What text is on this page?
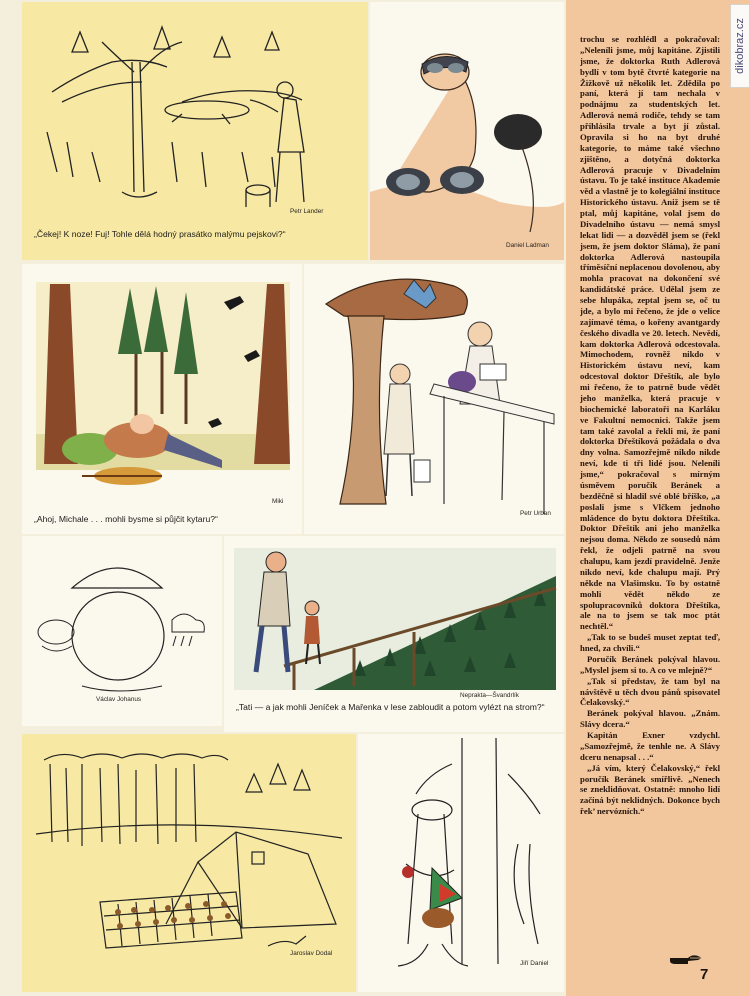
Petr Lander
„Čekej! K noze! Fuj! Tohle dělá hodný prasátko malýmu pejskovi?“
Daniel Ladman
Miki
„Ahoj, Michale . . . mohli bysme si půjčit kytaru?“
Petr Urban
Václav Johanus
Neprakta—Švandrlík
„Tati — a jak mohli Jeníček a Mařenka v lese zabloudit a potom vylézt na strom?“
Jaroslav Dodal
Jiří Daniel

trochu se rozhlédl a pokračoval: „Neleníli jsme, můj kapitáne. Zjistili jsme, že doktorka Ruth Adlerová bydlí v tom bytě čtvrté kategorie na Žižkově už několik let. Zdědila po paní, která jí tam nechala v podnájmu za studentských let. Adlerová nemá rodiče, tehdy se tam přihlásila trvale a byt jí zůstal. Opravila si ho na byt druhé kategorie, to máme také všechno zjištěno, a dotyčná doktorka Adlerová pracuje v Divadelním ústavu. To je také instituce Akademie věd a vlastně je to kolegiální instituce Historického ústavu. Aniž jsem se tě ptal, můj kapitáne, volal jsem do Divadelního ústavu — nemá smysl lekat lidi — a dozvěděl jsem se (řekl jsem, že jsem doktor Sláma), že paní doktorka Adlerová nastoupila tříměsíční neplacenou dovolenou, aby mohla pracovat na dokončení své kandidátské práce. Udělal jsem ze sebe hlupáka, zeptal jsem se, oč tu jde, a bylo mi řečeno, že jde o velice zajímavé téma, o kořeny avantgardy českého divadla ve 20. letech. Nevědí, kam doktorka Adlerová odcestovala. Mimochodem, rovněž nikdo v Historickém ústavu neví, kam odcestoval doktor Dřeštík, ale bylo mi řečeno, že to patrně bude vědět jeho manželka, která pracuje v biochemické laboratoři na Karláku ve Fakultní nemocnici. Takže jsem tam také zavolal a řekli mi, že paní doktorka Dřeštíková požádala o dva dny volna. Samozřejmě nikdo nikde neví, kde ti tři lidé jsou. Neleníli jsme,“ pokračoval s mírným úsměvem poručík Beránek a bezděčně si hladil své oblé bříško, „a poslali jsme s Vlčkem jednoho mládence do bytu doktora Dřeštíka. Doktor Dřeštík ani jeho manželka nejsou doma. Někdo ze sousedů nám řekl, že odjeli patrně na svou chalupu, kam jezdí pravidelně. Jenže nikdo neví, kde chalupu mají. Prý někde na Vlašimsku. To by ostatně mohli vědět někdo ze spolupracovníků doktora Dřeštíka, ale na to jsem se tak moc ptát nechtěl.“

„Tak to se budeš muset zeptat teď, hned, za chvíli.“

Poručík Beránek pokýval hlavou. „Myslel jsem si to. A co ve mlejně?“

„Tak si představ, že tam byl na návštěvě u těch dvou pánů spisovatel Čelakovský.“

Beránek pokýval hlavou. „Znám. Slávy dcera.“

Kapitán Exner vzdychl. „Samozřejmě, že tenhle ne. A Slávy dceru nenapsal . . .“

„Já vím, který Čelakovský,“ řekl poručík Beránek smířlivě. „Nenech se zneklidňovat. Ostatně: mnoho lidí začíná být neklidných. Dokonce bych řek’ nervózních.“

dikobraz.cz
7
